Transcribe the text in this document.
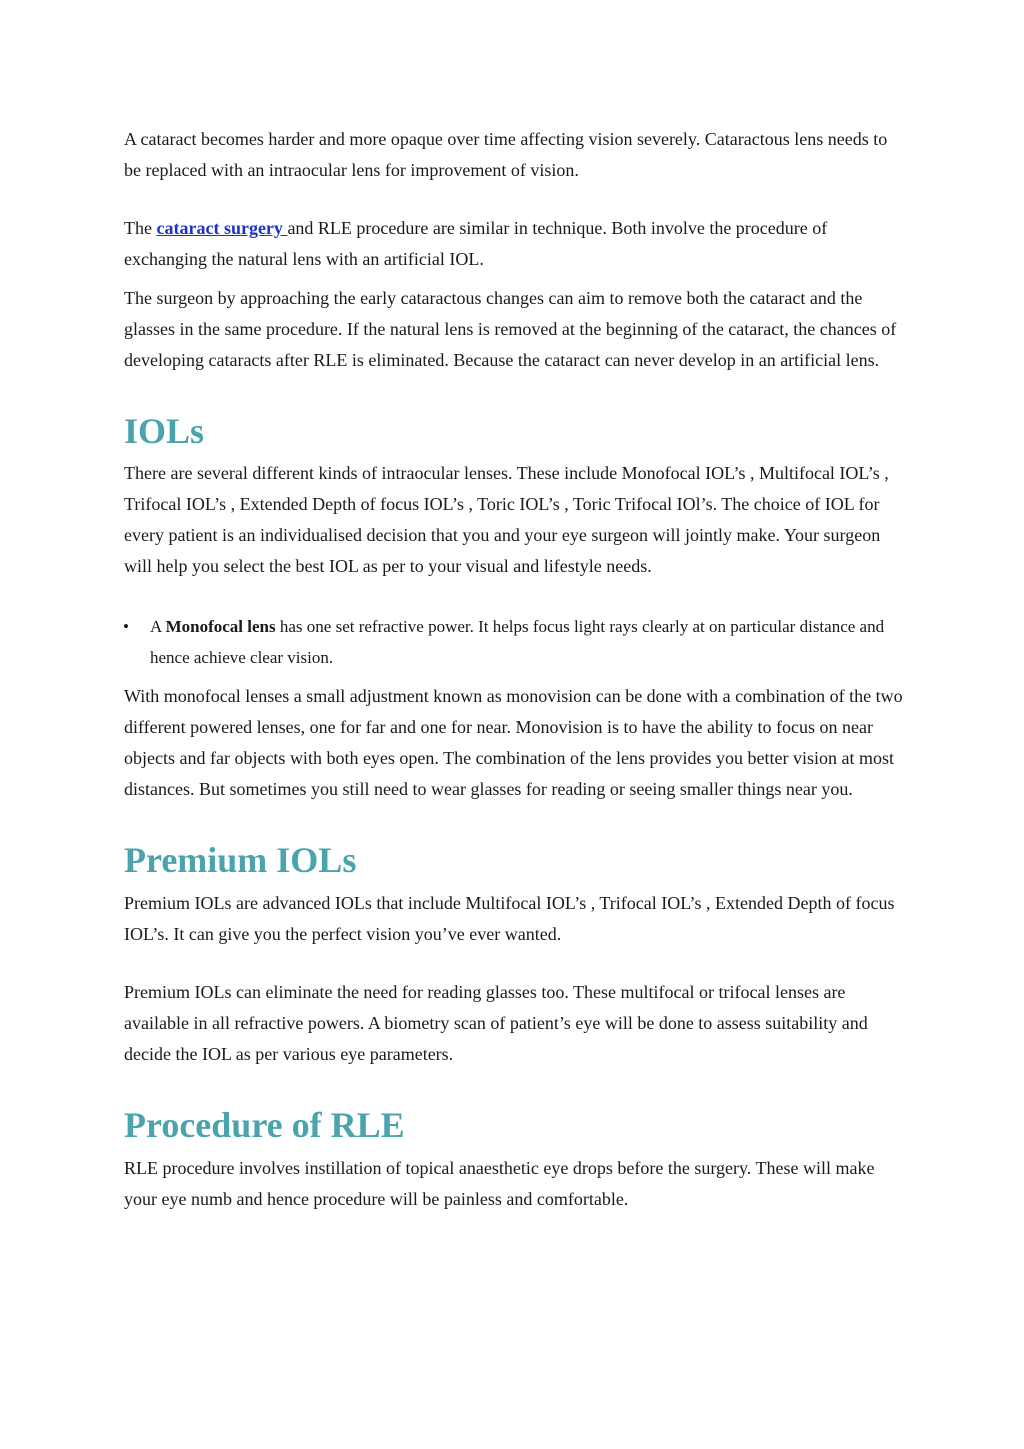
A cataract becomes harder and more opaque over time affecting vision severely. Cataractous lens needs to be replaced with an intraocular lens for improvement of vision.

The cataract surgery and RLE procedure are similar in technique. Both involve the procedure of exchanging the natural lens with an artificial IOL.

The surgeon by approaching the early cataractous changes can aim to remove both the cataract and the glasses in the same procedure. If the natural lens is removed at the beginning of the cataract, the chances of developing cataracts after RLE is eliminated. Because the cataract can never develop in an artificial lens.

IOLs

There are several different kinds of intraocular lenses. These include Monofocal IOL’s , Multifocal IOL’s , Trifocal IOL’s , Extended Depth of focus IOL’s , Toric IOL’s , Toric Trifocal IOl’s. The choice of IOL for every patient is an individualised decision that you and your eye surgeon will jointly make. Your surgeon will help you select the best IOL as per to your visual and lifestyle needs.

• A Monofocal lens has one set refractive power. It helps focus light rays clearly at on particular distance and hence achieve clear vision.

With monofocal lenses a small adjustment known as monovision can be done with a combination of the two different powered lenses, one for far and one for near. Monovision is to have the ability to focus on near objects and far objects with both eyes open. The combination of the lens provides you better vision at most distances. But sometimes you still need to wear glasses for reading or seeing smaller things near you.

Premium IOLs

Premium IOLs are advanced IOLs that include Multifocal IOL’s , Trifocal IOL’s , Extended Depth of focus IOL’s. It can give you the perfect vision you’ve ever wanted.

Premium IOLs can eliminate the need for reading glasses too. These multifocal or trifocal lenses are available in all refractive powers. A biometry scan of patient’s eye will be done to assess suitability and decide the IOL as per various eye parameters.

Procedure of RLE

RLE procedure involves instillation of topical anaesthetic eye drops before the surgery. These will make your eye numb and hence procedure will be painless and comfortable.
